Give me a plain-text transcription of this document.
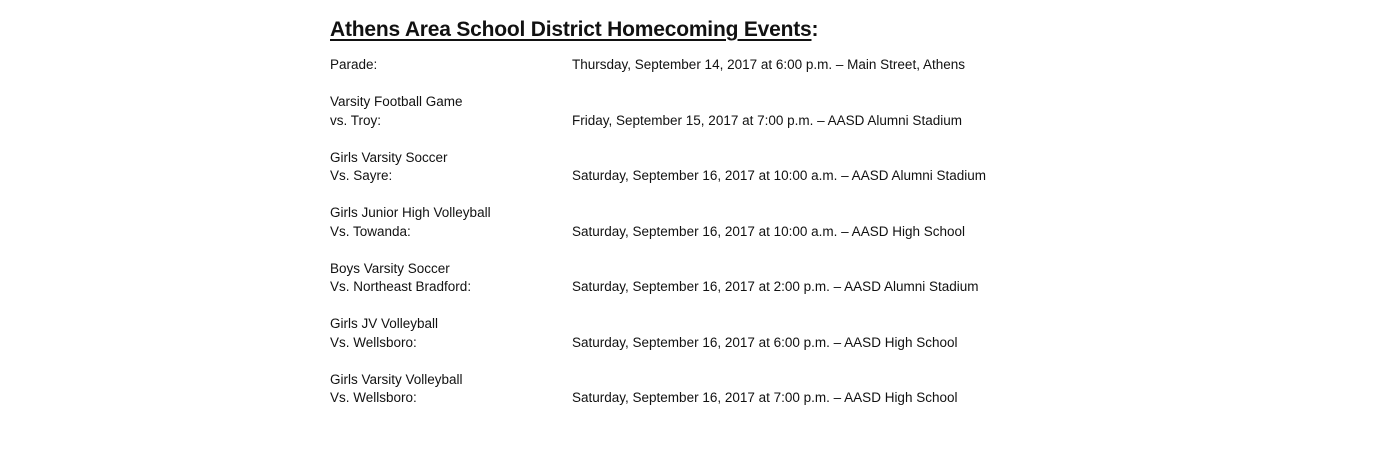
Athens Area School District Homecoming Events:
Parade:	Thursday, September 14, 2017 at 6:00 p.m. – Main Street, Athens
Varsity Football Game
vs. Troy:	Friday, September 15, 2017 at 7:00 p.m. – AASD Alumni Stadium
Girls Varsity Soccer
Vs. Sayre:	Saturday, September 16, 2017 at 10:00 a.m. – AASD Alumni Stadium
Girls Junior High Volleyball
Vs. Towanda:	Saturday, September 16, 2017 at 10:00 a.m. – AASD High School
Boys Varsity Soccer
Vs. Northeast Bradford:	Saturday, September 16, 2017 at 2:00 p.m. – AASD Alumni Stadium
Girls JV Volleyball
Vs. Wellsboro:	Saturday, September 16, 2017 at 6:00 p.m. – AASD High School
Girls Varsity Volleyball
Vs. Wellsboro:	Saturday, September 16, 2017 at 7:00 p.m. – AASD High School
